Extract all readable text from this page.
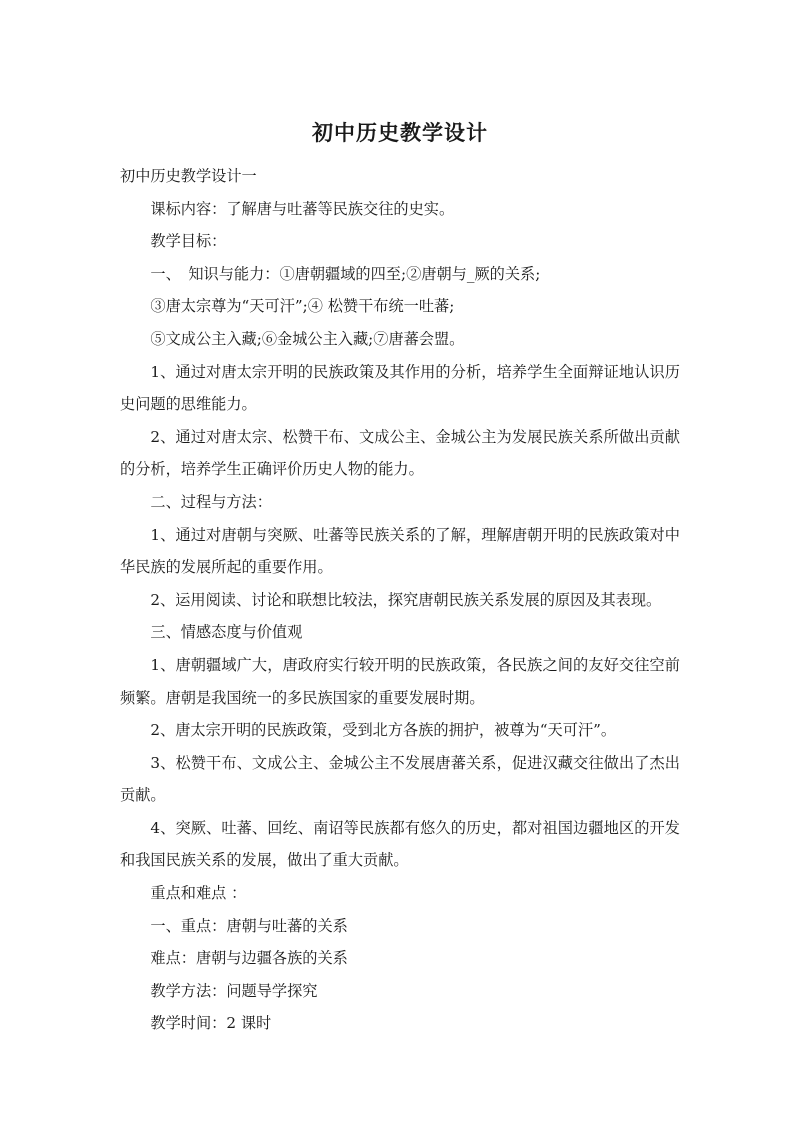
初中历史教学设计

初中历史教学设计一

课标内容：了解唐与吐蕃等民族交往的史实。

教学目标：

一、　知识与能力：①唐朝疆域的四至;②唐朝与_厥的关系;

③唐太宗尊为“天可汗”;④ 松赞干布统一吐蕃;

⑤文成公主入藏;⑥金城公主入藏;⑦唐蕃会盟。

1、通过对唐太宗开明的民族政策及其作用的分析，培养学生全面辩证地认识历史问题的思维能力。

2、通过对唐太宗、松赞干布、文成公主、金城公主为发展民族关系所做出贡献的分析，培养学生正确评价历史人物的能力。

二、过程与方法：

1、通过对唐朝与突厥、吐蕃等民族关系的了解，理解唐朝开明的民族政策对中华民族的发展所起的重要作用。

2、运用阅读、讨论和联想比较法，探究唐朝民族关系发展的原因及其表现。

三、情感态度与价值观

1、唐朝疆域广大，唐政府实行较开明的民族政策，各民族之间的友好交往空前频繁。唐朝是我国统一的多民族国家的重要发展时期。

2、唐太宗开明的民族政策，受到北方各族的拥护，被尊为“天可汗”。

3、松赞干布、文成公主、金城公主不发展唐蕃关系，促进汉藏交往做出了杰出贡献。

4、突厥、吐蕃、回纥、南诏等民族都有悠久的历史，都对祖国边疆地区的开发和我国民族关系的发展，做出了重大贡献。

重点和难点 ：

一、重点：唐朝与吐蕃的关系

难点：唐朝与边疆各族的关系

教学方法：问题导学探究

教学时间：2 课时
